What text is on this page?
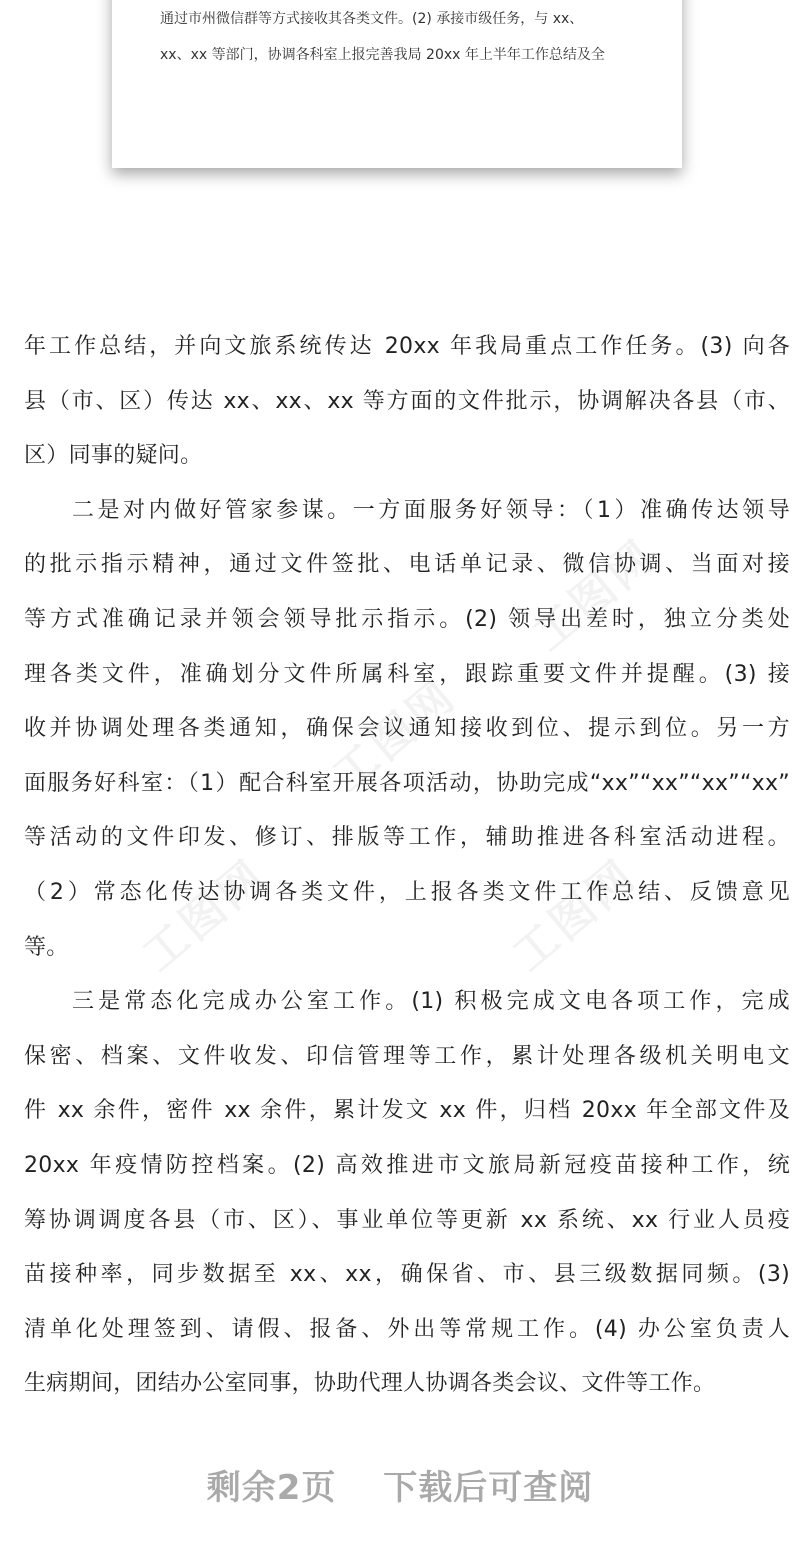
通过市州微信群等方式接收其各类文件。(2) 承接市级任务，与 xx、

xx、xx 等部门，协调各科室上报完善我局 20xx 年上半年工作总结及全

工图网	工图网
工图网
工图网

年工作总结，并向文旅系统传达 20xx 年我局重点工作任务。(3) 向各

县（市、区）传达 xx、xx、xx 等方面的文件批示，协调解决各县（市、

区）同事的疑问。

二是对内做好管家参谋。一方面服务好领导：（1）准确传达领导

的批示指示精神，通过文件签批、电话单记录、微信协调、当面对接

等方式准确记录并领会领导批示指示。(2) 领导出差时，独立分类处

理各类文件，准确划分文件所属科室，跟踪重要文件并提醒。(3) 接

收并协调处理各类通知，确保会议通知接收到位、提示到位。另一方

面服务好科室：（1）配合科室开展各项活动，协助完成“xx”“xx”“xx”“xx”

等活动的文件印发、修订、排版等工作，辅助推进各科室活动进程。

（2）常态化传达协调各类文件，上报各类文件工作总结、反馈意见

等。

三是常态化完成办公室工作。(1) 积极完成文电各项工作，完成

保密、档案、文件收发、印信管理等工作，累计处理各级机关明电文

件 xx 余件，密件 xx 余件，累计发文 xx 件，归档 20xx 年全部文件及

20xx 年疫情防控档案。(2) 高效推进市文旅局新冠疫苗接种工作，统

筹协调调度各县（市、区）、事业单位等更新 xx 系统、xx 行业人员疫

苗接种率，同步数据至 xx、xx，确保省、市、县三级数据同频。(3)

清单化处理签到、请假、报备、外出等常规工作。(4) 办公室负责人

生病期间，团结办公室同事，协助代理人协调各类会议、文件等工作。

剩余2页 下载后可查阅
